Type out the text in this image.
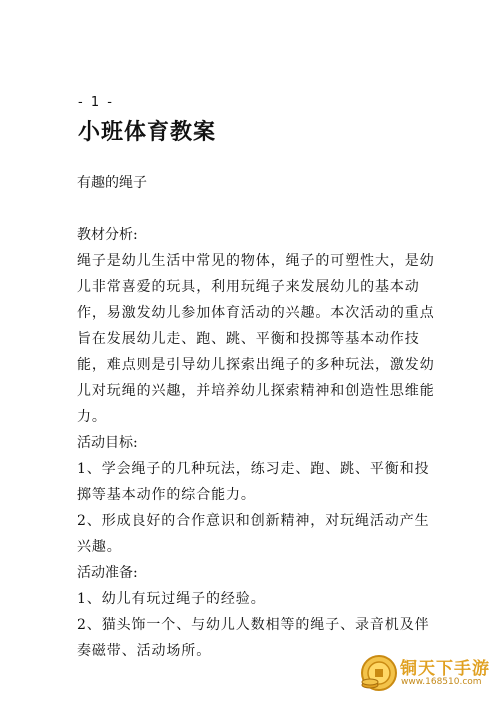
- 1 -
小班体育教案
有趣的绳子

教材分析:

绳子是幼儿生活中常见的物体，绳子的可塑性大，是幼儿非常喜爱的玩具，利用玩绳子来发展幼儿的基本动作，易激发幼儿参加体育活动的兴趣。本次活动的重点旨在发展幼儿走、跑、跳、平衡和投掷等基本动作技能，难点则是引导幼儿探索出绳子的多种玩法，激发幼儿对玩绳的兴趣，并培养幼儿探索精神和创造性思维能力。

活动目标:

1、学会绳子的几种玩法，练习走、跑、跳、平衡和投掷等基本动作的综合能力。

2、形成良好的合作意识和创新精神，对玩绳活动产生兴趣。

活动准备:

1、幼儿有玩过绳子的经验。

2、猫头饰一个、与幼儿人数相等的绳子、录音机及伴奏磁带、活动场所。

铜天下手游
www.168510.com
